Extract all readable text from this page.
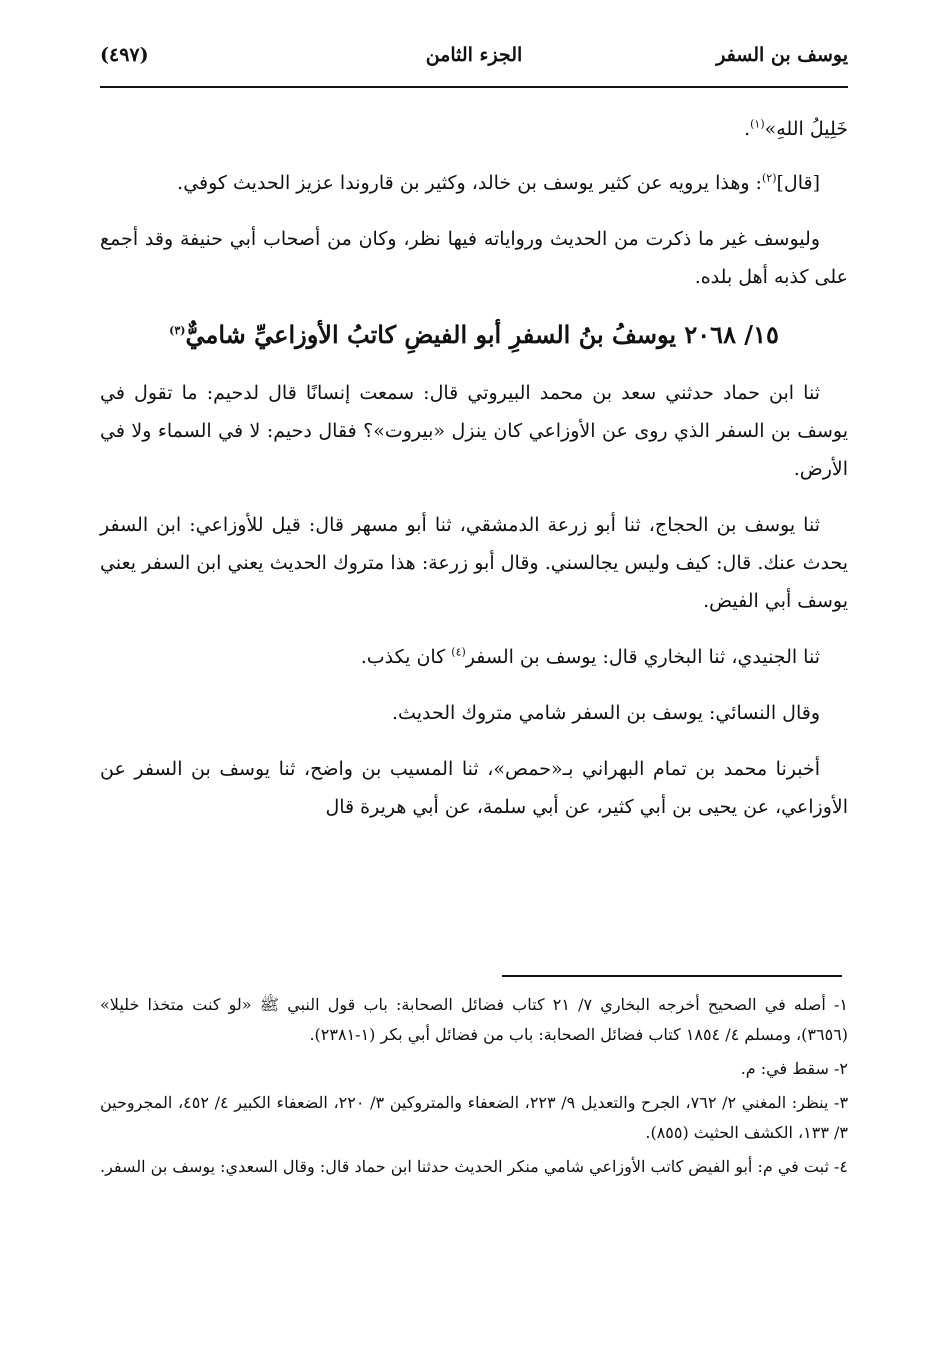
يوسف بن السفر
الجزء الثامن
(٤٩٧)

خَلِيلُ اللهِ»$^{(١)}$.

[قال]$^{(٢)}$: وهذا يرويه عن كثير يوسف بن خالد، وكثير بن قاروندا عزيز الحديث كوفي.

وليوسف غير ما ذكرت من الحديث ورواياته فيها نظر، وكان من أصحاب أبي حنيفة وقد أجمع على كذبه أهل بلده.

١٥/ ٢٠٦٨ يوسفُ بنُ السفرِ أبو الفيضِ كاتبُ الأوزاعيِّ شاميٌّ$^{(٣)}$

ثنا ابن حماد حدثني سعد بن محمد البيروتي قال: سمعت إنسانًا قال لدحيم: ما تقول في يوسف بن السفر الذي روى عن الأوزاعي كان ينزل «بيروت»؟ فقال دحيم: لا في السماء ولا في الأرض.

ثنا يوسف بن الحجاج، ثنا أبو زرعة الدمشقي، ثنا أبو مسهر قال: قيل للأوزاعي: ابن السفر يحدث عنك. قال: كيف وليس يجالسني. وقال أبو زرعة: هذا متروك الحديث يعني ابن السفر يعني يوسف أبي الفيض.

ثنا الجنيدي، ثنا البخاري قال: يوسف بن السفر$^{(٤)}$ كان يكذب.

وقال النسائي: يوسف بن السفر شامي متروك الحديث.

أخبرنا محمد بن تمام البهراني بـ«حمص»، ثنا المسيب بن واضح، ثنا يوسف بن السفر عن الأوزاعي، عن يحيى بن أبي كثير، عن أبي سلمة، عن أبي هريرة قال

١- أصله في الصحيح أخرجه البخاري ٧/ ٢١ كتاب فضائل الصحابة: باب قول النبي ﷺ «لو كنت متخذا خليلا» (٣٦٥٦)، ومسلم ٤/ ١٨٥٤ كتاب فضائل الصحابة: باب من فضائل أبي بكر (١-٢٣٨١).
٢- سقط في: م.
٣- ينظر: المغني ٢/ ٧٦٢، الجرح والتعديل ٩/ ٢٢٣، الضعفاء والمتروكين ٣/ ٢٢٠، الضعفاء الكبير ٤/ ٤٥٢، المجروحين ٣/ ١٣٣، الكشف الحثيث (٨٥٥).
٤- ثبت في م: أبو الفيض كاتب الأوزاعي شامي منكر الحديث حدثنا ابن حماد قال: وقال السعدي: يوسف بن السفر.
